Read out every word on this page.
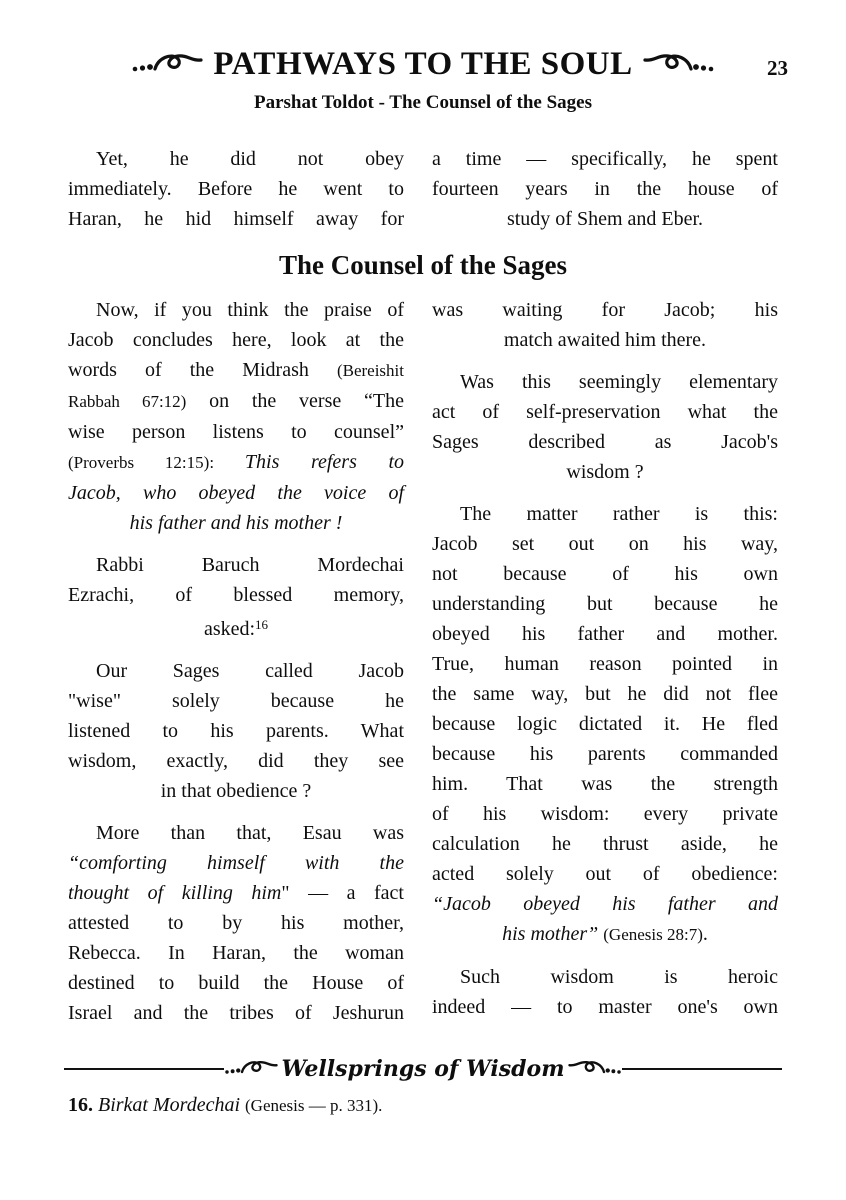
PATHWAYS TO THE SOUL	23
Parshat Toldot - The Counsel of the Sages
Yet, he did not obey
immediately. Before he went to
Haran, he hid himself away for
a time — specifically, he spent
fourteen years in the house of
study of Shem and Eber.
The Counsel of the Sages
Now, if you think the praise of
Jacob concludes here, look at the
words of the Midrash (Bereishit
Rabbah 67:12) on the verse “The
wise person listens to counsel”
(Proverbs 12:15): This refers to
Jacob, who obeyed the voice of
his father and his mother !
Rabbi Baruch Mordechai
Ezrachi, of blessed memory,
asked:$^{16}$
Our Sages called Jacob
"wise" solely because he
listened to his parents. What
wisdom, exactly, did they see
in that obedience ?
More than that, Esau was
“comforting himself with the
thought of killing him" — a fact
attested to by his mother,
Rebecca. In Haran, the woman
destined to build the House of
Israel and the tribes of Jeshurun
was waiting for Jacob; his
match awaited him there.
Was this seemingly elementary
act of self-preservation what the
Sages described as Jacob's
wisdom ?
The matter rather is this:
Jacob set out on his way,
not because of his own
understanding but because he
obeyed his father and mother.
True, human reason pointed in
the same way, but he did not flee
because logic dictated it. He fled
because his parents commanded
him. That was the strength
of his wisdom: every private
calculation he thrust aside, he
acted solely out of obedience:
“Jacob obeyed his father and
his mother” (Genesis 28:7).
Such wisdom is heroic
indeed — to master one's own
Wellsprings of Wisdom
16. Birkat Mordechai (Genesis — p. 331).
